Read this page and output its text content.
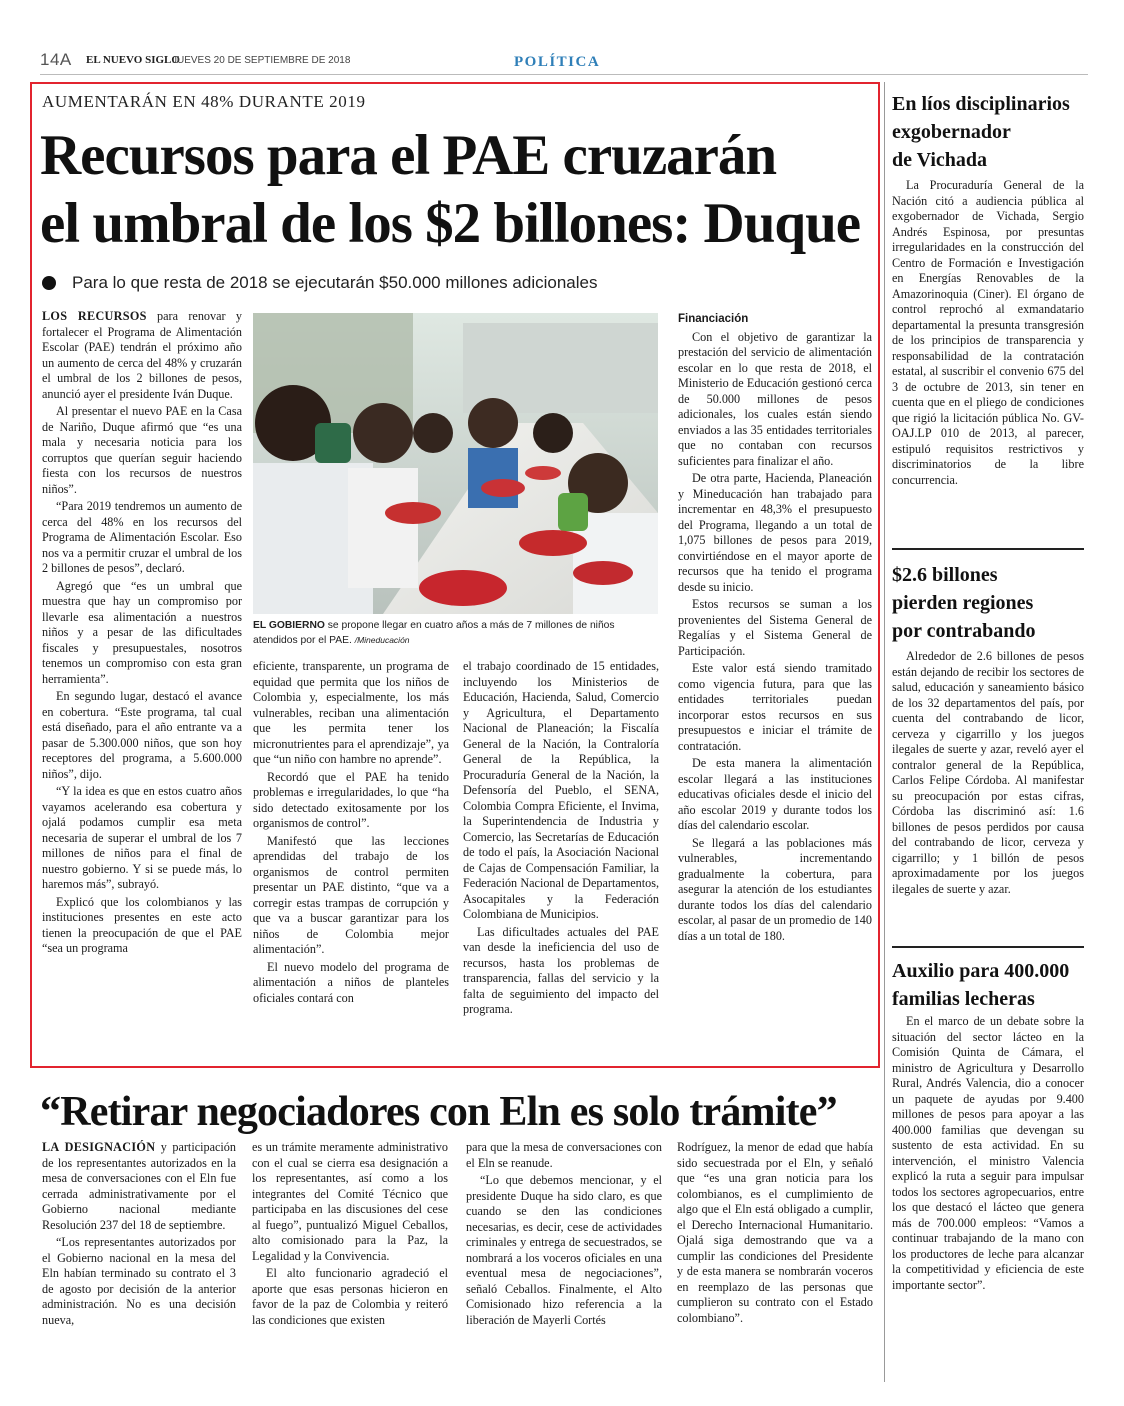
14A EL NUEVO SIGLO
JUEVES 20 DE SEPTIEMBRE DE 2018	POLÍTICA
AUMENTARÁN EN 48% DURANTE 2019
Recursos para el PAE cruzarán
el umbral de los $2 billones: Duque
Para lo que resta de 2018 se ejecutarán $50.000 millones adicionales

LOS RECURSOS para renovar y fortalecer el Programa de Alimentación Escolar (PAE) tendrán el próximo año un aumento de cerca del 48% y cruzarán el umbral de los 2 billones de pesos, anunció ayer el presidente Iván Duque.

Al presentar el nuevo PAE en la Casa de Nariño, Duque afirmó que “es una mala y necesaria noticia para los corruptos que querían seguir haciendo fiesta con los recursos de nuestros niños”.

“Para 2019 tendremos un aumento de cerca del 48% en los recursos del Programa de Alimentación Escolar. Eso nos va a permitir cruzar el umbral de los 2 billones de pesos”, declaró.

Agregó que “es un umbral que muestra que hay un compromiso por llevarle esa alimentación a nuestros niños y a pesar de las dificultades fiscales y presupuestales, nosotros tenemos un compromiso con esta gran herramienta”.

En segundo lugar, destacó el avance en cobertura. “Este programa, tal cual está diseñado, para el año entrante va a pasar de 5.300.000 niños, que son hoy receptores del programa, a 5.600.000 niños”, dijo.

“Y la idea es que en estos cuatro años vayamos acelerando esa cobertura y ojalá podamos cumplir esa meta necesaria de superar el umbral de los 7 millones de niños para el final de nuestro gobierno. Y si se puede más, lo haremos más”, subrayó.

Explicó que los colombianos y las instituciones presentes en este acto tienen la preocupación de que el PAE “sea un programa

EL GOBIERNO se propone llegar en cuatro años a más de 7 millones de niños atendidos por el PAE. /Mineducación

eficiente, transparente, un programa de equidad que permita que los niños de Colombia y, especialmente, los más vulnerables, reciban una alimentación que les permita tener los micronutrientes para el aprendizaje”, ya que “un niño con hambre no aprende”.

Recordó que el PAE ha tenido problemas e irregularidades, lo que “ha sido detectado exitosamente por los organismos de control”.

Manifestó que las lecciones aprendidas del trabajo de los organismos de control permiten presentar un PAE distinto, “que va a corregir estas trampas de corrupción y que va a buscar garantizar para los niños de Colombia mejor alimentación”.

El nuevo modelo del programa de alimentación a niños de planteles oficiales contará con

el trabajo coordinado de 15 entidades, incluyendo los Ministerios de Educación, Hacienda, Salud, Comercio y Agricultura, el Departamento Nacional de Planeación; la Fiscalía General de la Nación, la Contraloría General de la República, la Procuraduría General de la Nación, la Defensoría del Pueblo, el SENA, Colombia Compra Eficiente, el Invima, la Superintendencia de Industria y Comercio, las Secretarías de Educación de todo el país, la Asociación Nacional de Cajas de Compensación Familiar, la Federación Nacional de Departamentos, Asocapitales y la Federación Colombiana de Municipios.

Las dificultades actuales del PAE van desde la ineficiencia del uso de recursos, hasta los problemas de transparencia, fallas del servicio y la falta de seguimiento del impacto del programa.

Financiación

Con el objetivo de garantizar la prestación del servicio de alimentación escolar en lo que resta de 2018, el Ministerio de Educación gestionó cerca de 50.000 millones de pesos adicionales, los cuales están siendo enviados a las 35 entidades territoriales que no contaban con recursos suficientes para finalizar el año.

De otra parte, Hacienda, Planeación y Mineducación han trabajado para incrementar en 48,3% el presupuesto del Programa, llegando a un total de 1,075 billones de pesos para 2019, convirtiéndose en el mayor aporte de recursos que ha tenido el programa desde su inicio.

Estos recursos se suman a los provenientes del Sistema General de Regalías y el Sistema General de Participación.

Este valor está siendo tramitado como vigencia futura, para que las entidades territoriales puedan incorporar estos recursos en sus presupuestos e iniciar el trámite de contratación.

De esta manera la alimentación escolar llegará a las instituciones educativas oficiales desde el inicio del año escolar 2019 y durante todos los días del calendario escolar.

Se llegará a las poblaciones más vulnerables, incrementando gradualmente la cobertura, para asegurar la atención de los estudiantes durante todos los días del calendario escolar, al pasar de un promedio de 140 días a un total de 180.

En líos disciplinarios
exgobernador
de Vichada

La Procuraduría General de la Nación citó a audiencia pública al exgobernador de Vichada, Sergio Andrés Espinosa, por presuntas irregularidades en la construcción del Centro de Formación e Investigación en Energías Renovables de la Amazorinoquia (Ciner). El órgano de control reprochó al exmandatario departamental la presunta transgresión de los principios de transparencia y responsabilidad de la contratación estatal, al suscribir el convenio 675 del 3 de octubre de 2013, sin tener en cuenta que en el pliego de condiciones que rigió la licitación pública No. GV-OAJ.LP 010 de 2013, al parecer, estipuló requisitos restrictivos y discriminatorios de la libre concurrencia.

$2.6 billones
pierden regiones
por contrabando

Alrededor de 2.6 billones de pesos están dejando de recibir los sectores de salud, educación y saneamiento básico de los 32 departamentos del país, por cuenta del contrabando de licor, cerveza y cigarrillo y los juegos ilegales de suerte y azar, reveló ayer el contralor general de la República, Carlos Felipe Córdoba. Al manifestar su preocupación por estas cifras, Córdoba las discriminó así: 1.6 billones de pesos perdidos por causa del contrabando de licor, cerveza y cigarrillo; y 1 billón de pesos aproximadamente por los juegos ilegales de suerte y azar.

Auxilio para 400.000
familias lecheras

En el marco de un debate sobre la situación del sector lácteo en la Comisión Quinta de Cámara, el ministro de Agricultura y Desarrollo Rural, Andrés Valencia, dio a conocer un paquete de ayudas por 9.400 millones de pesos para apoyar a las 400.000 familias que devengan su sustento de esta actividad. En su intervención, el ministro Valencia explicó la ruta a seguir para impulsar todos los sectores agropecuarios, entre los que destacó el lácteo que genera más de 700.000 empleos: “Vamos a continuar trabajando de la mano con los productores de leche para alcanzar la competitividad y eficiencia de este importante sector”.

“Retirar negociadores con Eln es solo trámite”

LA DESIGNACIÓN y participación de los representantes autorizados en la mesa de conversaciones con el Eln fue cerrada administrativamente por el Gobierno nacional mediante Resolución 237 del 18 de septiembre.

“Los representantes autorizados por el Gobierno nacional en la mesa del Eln habían terminado su contrato el 3 de agosto por decisión de la anterior administración. No es una decisión nueva,

es un trámite meramente administrativo con el cual se cierra esa designación a los representantes, así como a los integrantes del Comité Técnico que participaba en las discusiones del cese al fuego”, puntualizó Miguel Ceballos, alto comisionado para la Paz, la Legalidad y la Convivencia.

El alto funcionario agradeció el aporte que esas personas hicieron en favor de la paz de Colombia y reiteró las condiciones que existen

para que la mesa de conversaciones con el Eln se reanude.

“Lo que debemos mencionar, y el presidente Duque ha sido claro, es que cuando se den las condiciones necesarias, es decir, cese de actividades criminales y entrega de secuestrados, se nombrará a los voceros oficiales en una eventual mesa de negociaciones”, señaló Ceballos. Finalmente, el Alto Comisionado hizo referencia a la liberación de Mayerli Cortés

Rodríguez, la menor de edad que había sido secuestrada por el Eln, y señaló que “es una gran noticia para los colombianos, es el cumplimiento de algo que el Eln está obligado a cumplir, el Derecho Internacional Humanitario. Ojalá siga demostrando que va a cumplir las condiciones del Presidente y de esta manera se nombrarán voceros en reemplazo de las personas que cumplieron su contrato con el Estado colombiano”.
